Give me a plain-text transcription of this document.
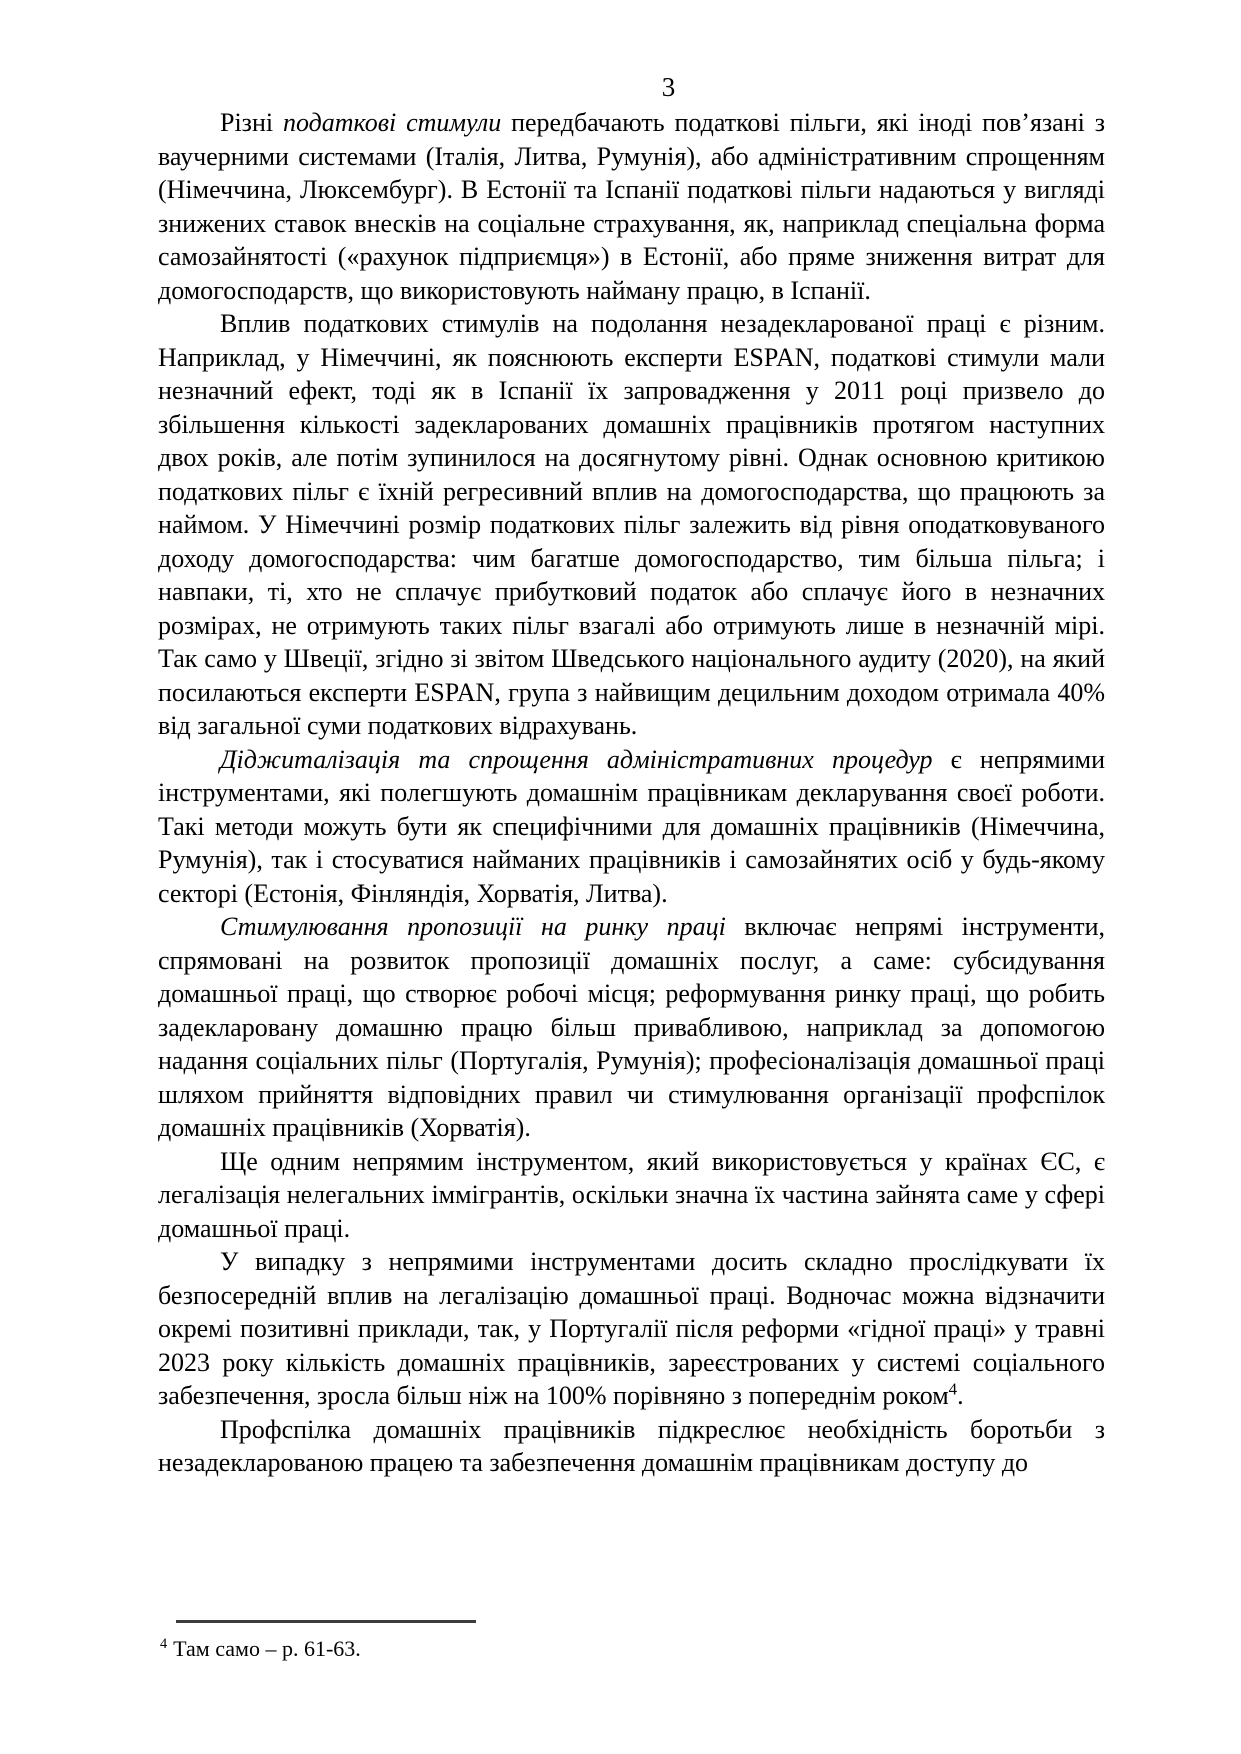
3

Різні податкові стимули передбачають податкові пільги, які іноді пов’язані з ваучерними системами (Італія, Литва, Румунія), або адміністративним спрощенням (Німеччина, Люксембург). В Естонії та Іспанії податкові пільги надаються у вигляді знижених ставок внесків на соціальне страхування, як, наприклад спеціальна форма самозайнятості («рахунок підприємця») в Естонії, або пряме зниження витрат для домогосподарств, що використовують найману працю, в Іспанії.

Вплив податкових стимулів на подолання незадекларованої праці є різним. Наприклад, у Німеччині, як пояснюють експерти ESPAN, податкові стимули мали незначний ефект, тоді як в Іспанії їх запровадження у 2011 році призвело до збільшення кількості задекларованих домашніх працівників протягом наступних двох років, але потім зупинилося на досягнутому рівні. Однак основною критикою податкових пільг є їхній регресивний вплив на домогосподарства, що працюють за наймом. У Німеччині розмір податкових пільг залежить від рівня оподатковуваного доходу домогосподарства: чим багатше домогосподарство, тим більша пільга; і навпаки, ті, хто не сплачує прибутковий податок або сплачує його в незначних розмірах, не отримують таких пільг взагалі або отримують лише в незначній мірі. Так само у Швеції, згідно зі звітом Шведського національного аудиту (2020), на який посилаються експерти ESPAN, група з найвищим децильним доходом отримала 40% від загальної суми податкових відрахувань.

Діджиталізація та спрощення адміністративних процедур є непрямими інструментами, які полегшують домашнім працівникам декларування своєї роботи. Такі методи можуть бути як специфічними для домашніх працівників (Німеччина, Румунія), так і стосуватися найманих працівників і самозайнятих осіб у будь-якому секторі (Естонія, Фінляндія, Хорватія, Литва).

Стимулювання пропозиції на ринку праці включає непрямі інструменти, спрямовані на розвиток пропозиції домашніх послуг, а саме: субсидування домашньої праці, що створює робочі місця; реформування ринку праці, що робить задекларовану домашню працю більш привабливою, наприклад за допомогою надання соціальних пільг (Португалія, Румунія); професіоналізація домашньої праці шляхом прийняття відповідних правил чи стимулювання організації профспілок домашніх працівників (Хорватія).

Ще одним непрямим інструментом, який використовується у країнах ЄС, є легалізація нелегальних іммігрантів, оскільки значна їх частина зайнята саме у сфері домашньої праці.

У випадку з непрямими інструментами досить складно прослідкувати їх безпосередній вплив на легалізацію домашньої праці. Водночас можна відзначити окремі позитивні приклади, так, у Португалії після реформи «гідної праці» у травні 2023 року кількість домашніх працівників, зареєстрованих у системі соціального забезпечення, зросла більш ніж на 100% порівняно з попереднім роком$^4$.

Профспілка домашніх працівників підкреслює необхідність боротьби з незадекларованою працею та забезпечення домашнім працівникам доступу до

$^4$ Там само – p. 61-63.
